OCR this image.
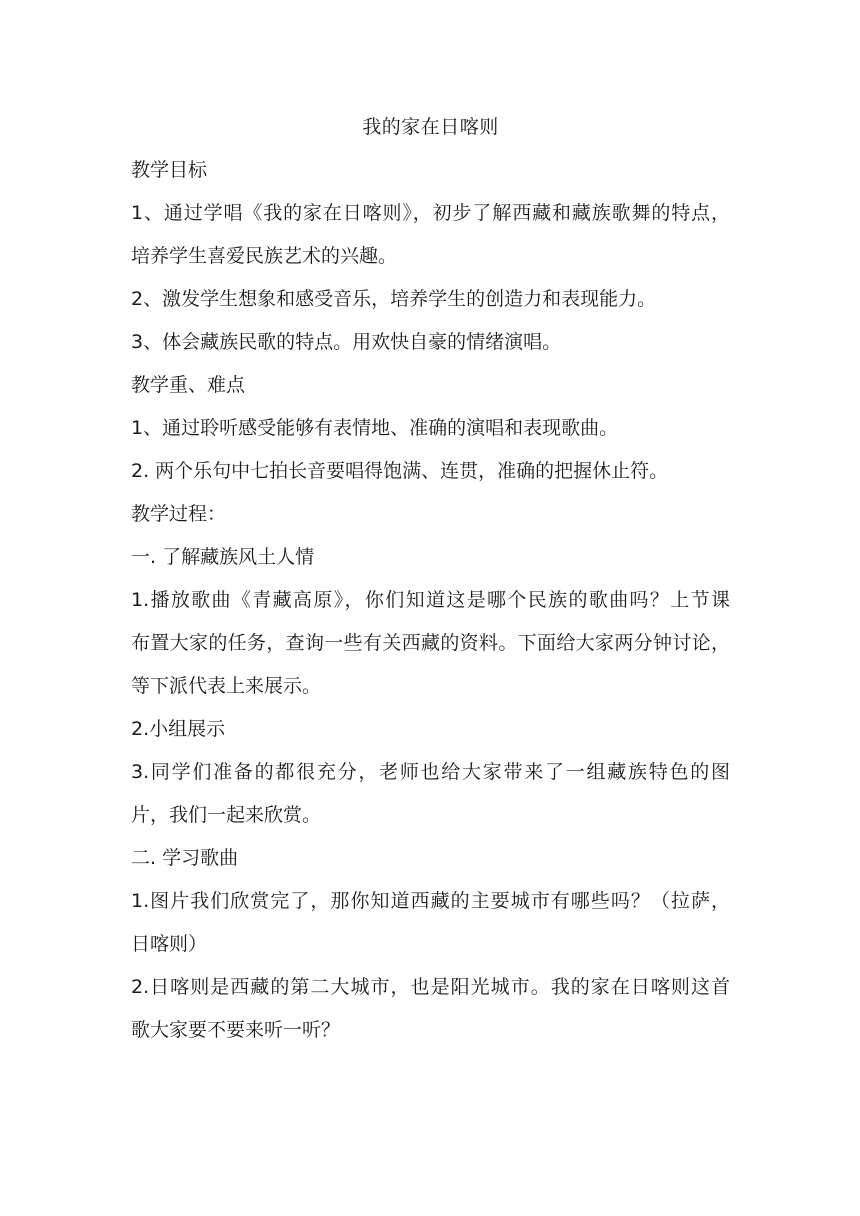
我的家在日喀则
教学目标
1、通过学唱《我的家在日喀则》，初步了解西藏和藏族歌舞的特点，
培养学生喜爱民族艺术的兴趣。
2、激发学生想象和感受音乐，培养学生的创造力和表现能力。
3、体会藏族民歌的特点。用欢快自豪的情绪演唱。
教学重、难点
1、通过聆听感受能够有表情地、准确的演唱和表现歌曲。
2. 两个乐句中七拍长音要唱得饱满、连贯，准确的把握休止符。
教学过程：
一. 了解藏族风土人情
1.播放歌曲《青藏高原》，你们知道这是哪个民族的歌曲吗？上节课
布置大家的任务，查询一些有关西藏的资料。下面给大家两分钟讨论，
等下派代表上来展示。
2.小组展示
3.同学们准备的都很充分，老师也给大家带来了一组藏族特色的图
片，我们一起来欣赏。
二. 学习歌曲
1.图片我们欣赏完了，那你知道西藏的主要城市有哪些吗？（拉萨，
日喀则）
2.日喀则是西藏的第二大城市，也是阳光城市。我的家在日喀则这首
歌大家要不要来听一听？
